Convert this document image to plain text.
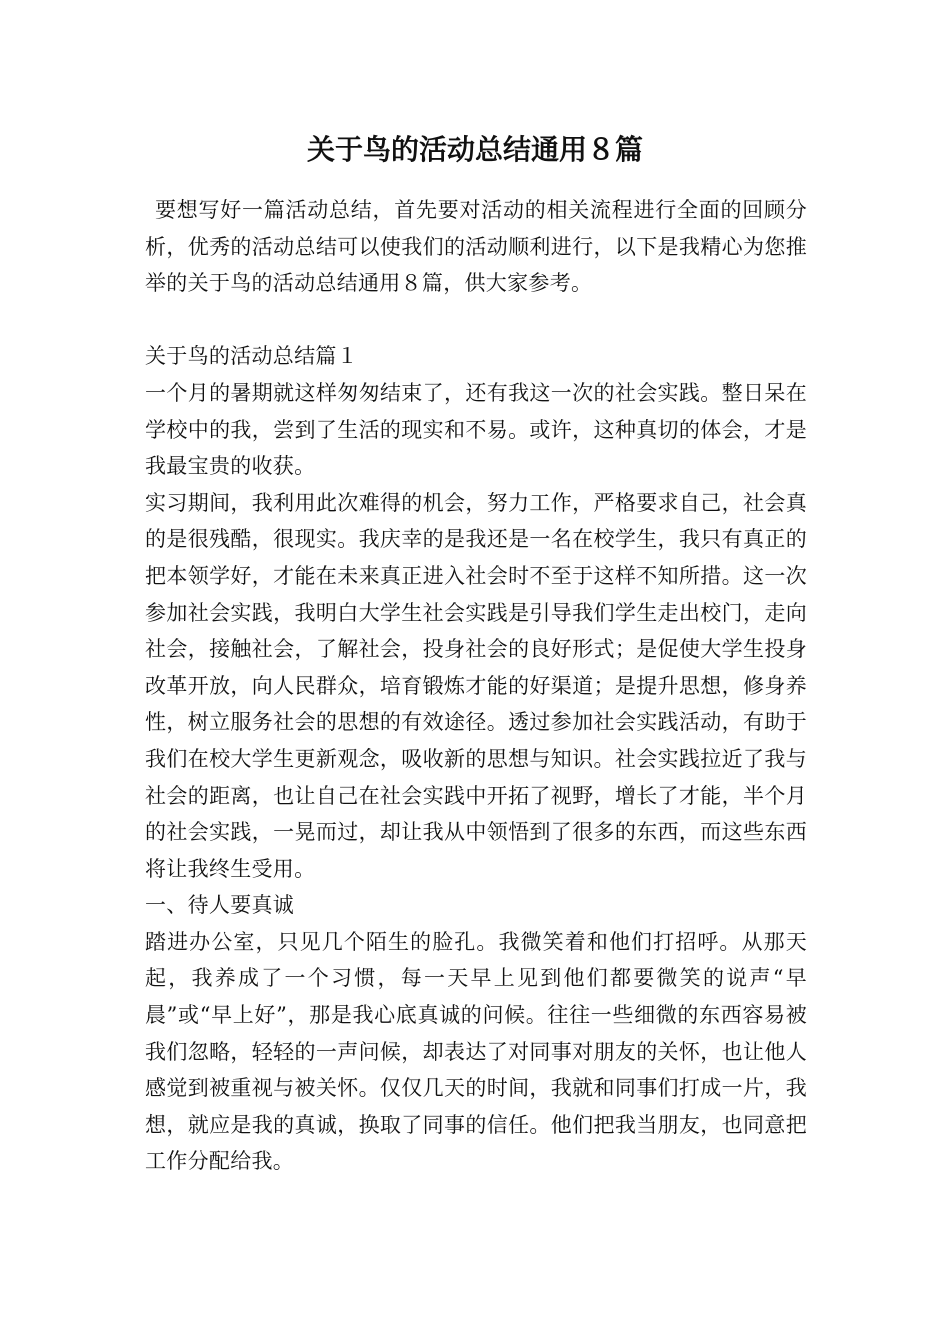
关于鸟的活动总结通用８篇

要想写好一篇活动总结，首先要对活动的相关流程进行全面的回顾分析，优秀的活动总结可以使我们的活动顺利进行，以下是我精心为您推举的关于鸟的活动总结通用８篇，供大家参考。

关于鸟的活动总结篇１

一个月的暑期就这样匆匆结束了，还有我这一次的社会实践。整日呆在学校中的我，尝到了生活的现实和不易。或许，这种真切的体会，才是我最宝贵的收获。

实习期间，我利用此次难得的机会，努力工作，严格要求自己，社会真的是很残酷，很现实。我庆幸的是我还是一名在校学生，我只有真正的把本领学好，才能在未来真正进入社会时不至于这样不知所措。这一次参加社会实践，我明白大学生社会实践是引导我们学生走出校门，走向社会，接触社会，了解社会，投身社会的良好形式；是促使大学生投身改革开放，向人民群众，培育锻炼才能的好渠道；是提升思想，修身养性，树立服务社会的思想的有效途径。透过参加社会实践活动，有助于我们在校大学生更新观念，吸收新的思想与知识。社会实践拉近了我与社会的距离，也让自己在社会实践中开拓了视野，增长了才能，半个月的社会实践，一晃而过，却让我从中领悟到了很多的东西，而这些东西将让我终生受用。

一、待人要真诚

踏进办公室，只见几个陌生的脸孔。我微笑着和他们打招呼。从那天起，我养成了一个习惯，每一天早上见到他们都要微笑的说声“早晨”或“早上好”，那是我心底真诚的问候。往往一些细微的东西容易被我们忽略，轻轻的一声问候，却表达了对同事对朋友的关怀，也让他人感觉到被重视与被关怀。仅仅几天的时间，我就和同事们打成一片，我想，就应是我的真诚，换取了同事的信任。他们把我当朋友，也同意把工作分配给我。
